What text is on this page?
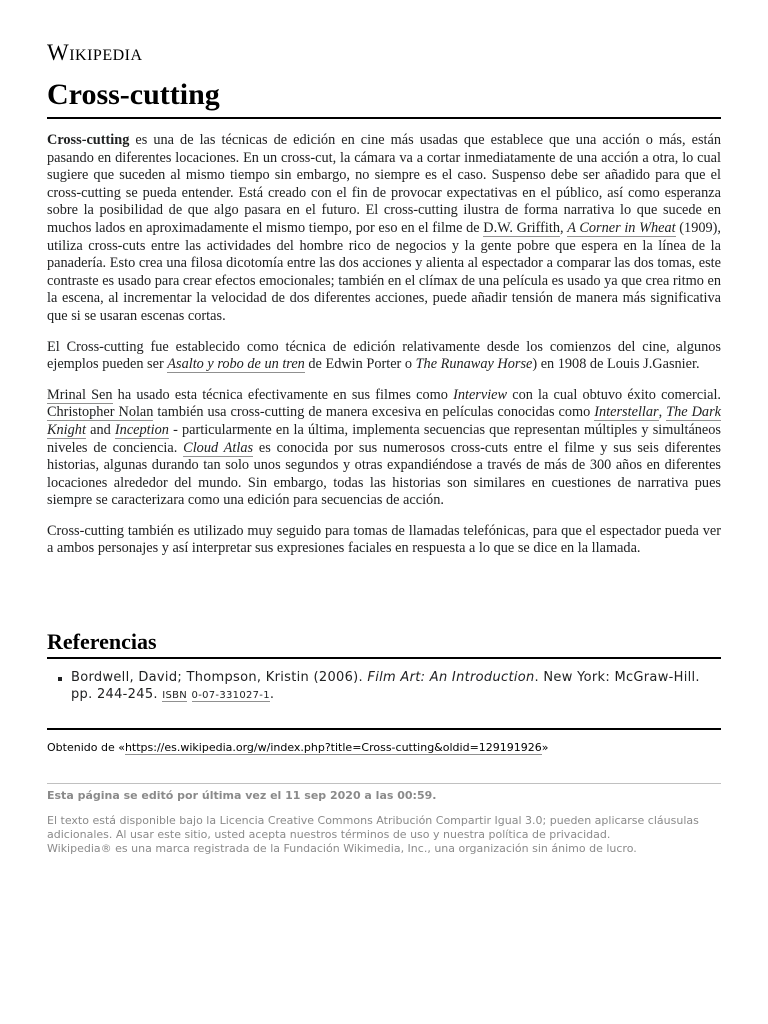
Wikipedia
Cross-cutting

Cross-cutting es una de las técnicas de edición en cine más usadas que establece que una acción o más, están pasando en diferentes locaciones. En un cross-cut, la cámara va a cortar inmediatamente de una acción a otra, lo cual sugiere que suceden al mismo tiempo sin embargo, no siempre es el caso. Suspenso debe ser añadido para que el cross-cutting se pueda entender. Está creado con el fin de provocar expectativas en el público, así como esperanza sobre la posibilidad de que algo pasara en el futuro. El cross-cutting ilustra de forma narrativa lo que sucede en muchos lados en aproximadamente el mismo tiempo, por eso en el filme de D.W. Griffith, A Corner in Wheat (1909), utiliza cross-cuts entre las actividades del hombre rico de negocios y la gente pobre que espera en la línea de la panadería. Esto crea una filosa dicotomía entre las dos acciones y alienta al espectador a comparar las dos tomas, este contraste es usado para crear efectos emocionales; también en el clímax de una película es usado ya que crea ritmo en la escena, al incrementar la velocidad de dos diferentes acciones, puede añadir tensión de manera más significativa que si se usaran escenas cortas.

El Cross-cutting fue establecido como técnica de edición relativamente desde los comienzos del cine, algunos ejemplos pueden ser Asalto y robo de un tren de Edwin Porter o The Runaway Horse) en 1908 de Louis J.Gasnier.

Mrinal Sen ha usado esta técnica efectivamente en sus filmes como Interview con la cual obtuvo éxito comercial. Christopher Nolan también usa cross-cutting de manera excesiva en películas conocidas como Interstellar, The Dark Knight and Inception - particularmente en la última, implementa secuencias que representan múltiples y simultáneos niveles de conciencia. Cloud Atlas es conocida por sus numerosos cross-cuts entre el filme y sus seis diferentes historias, algunas durando tan solo unos segundos y otras expandiéndose a través de más de 300 años en diferentes locaciones alrededor del mundo. Sin embargo, todas las historias son similares en cuestiones de narrativa pues siempre se caracterizara como una edición para secuencias de acción.

Cross-cutting también es utilizado muy seguido para tomas de llamadas telefónicas, para que el espectador pueda ver a ambos personajes y así interpretar sus expresiones faciales en respuesta a lo que se dice en la llamada.

Referencias
Bordwell, David; Thompson, Kristin (2006). Film Art: An Introduction. New York: McGraw-Hill. pp. 244-245. ISBN 0-07-331027-1.
Obtenido de «https://es.wikipedia.org/w/index.php?title=Cross-cutting&oldid=129191926»
Esta página se editó por última vez el 11 sep 2020 a las 00:59.
El texto está disponible bajo la Licencia Creative Commons Atribución Compartir Igual 3.0; pueden aplicarse cláusulas
adicionales. Al usar este sitio, usted acepta nuestros términos de uso y nuestra política de privacidad.
Wikipedia® es una marca registrada de la Fundación Wikimedia, Inc., una organización sin ánimo de lucro.
